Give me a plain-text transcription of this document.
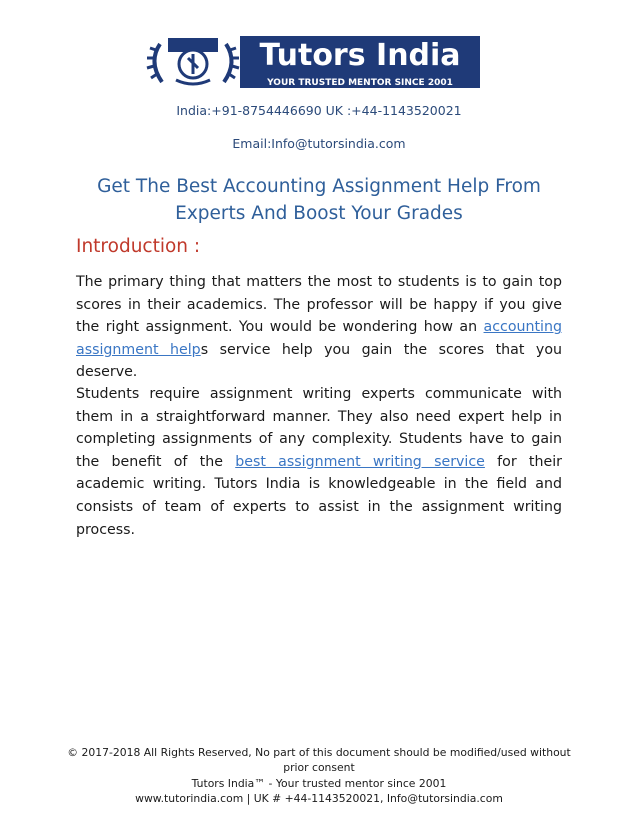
Tutors India
YOUR TRUSTED MENTOR SINCE 2001
India:+91-8754446690 UK :+44-1143520021
Email:Info@tutorsindia.com
Get The Best Accounting Assignment Help From Experts And Boost Your Grades
Introduction :

The primary thing that matters the most to students is to gain top scores in their academics. The professor will be happy if you give the right assignment. You would be wondering how an accounting assignment helps service help you gain the scores that you deserve.

Students require assignment writing experts communicate with them in a straightforward manner. They also need expert help in completing assignments of any complexity. Students have to gain the benefit of the best assignment writing service for their academic writing. Tutors India is knowledgeable in the field and consists of team of experts to assist in the assignment writing process.

© 2017-2018 All Rights Reserved, No part of this document should be modified/used without prior consent
Tutors India™ - Your trusted mentor since 2001
www.tutorindia.com | UK # +44-1143520021, Info@tutorsindia.com
